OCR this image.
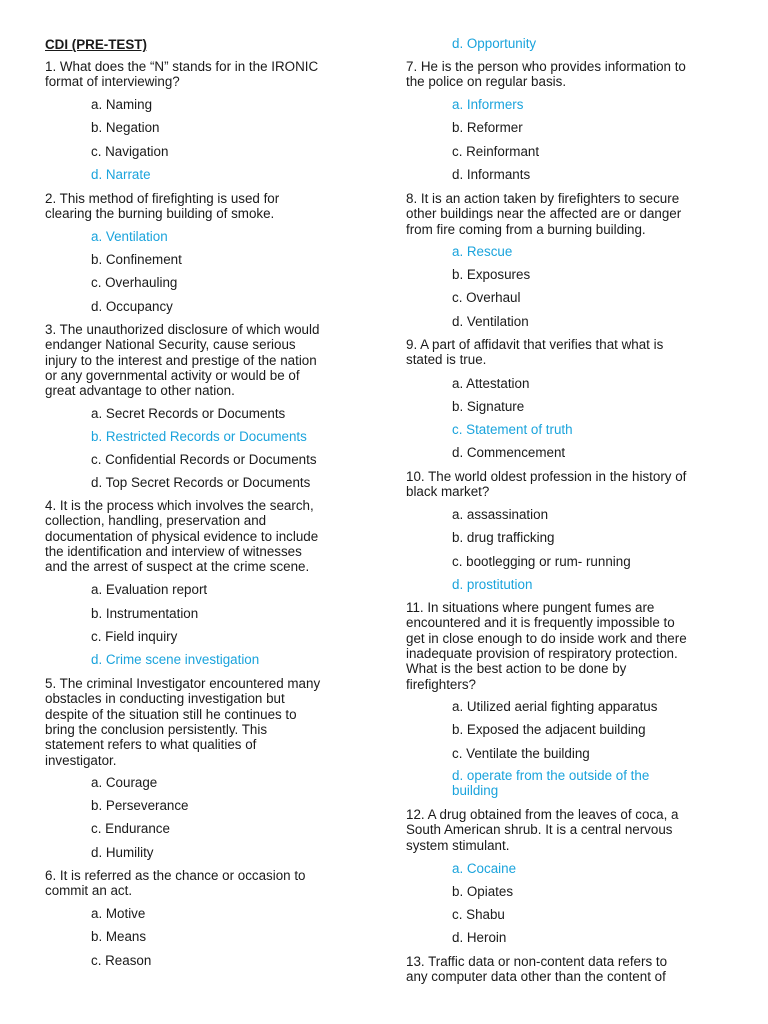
CDI (PRE-TEST)
1. What does the “N” stands for in the IRONIC
format of interviewing?
a. Naming
b. Negation
c. Navigation
d. Narrate
2. This method of firefighting is used for
clearing the burning building of smoke.
a. Ventilation
b. Confinement
c. Overhauling
d. Occupancy
3. The unauthorized disclosure of which would
endanger National Security, cause serious
injury to the interest and prestige of the nation
or any governmental activity or would be of
great advantage to other nation.
a. Secret Records or Documents
b. Restricted Records or Documents
c. Confidential Records or Documents
d. Top Secret Records or Documents
4. It is the process which involves the search,
collection, handling, preservation and
documentation of physical evidence to include
the identification and interview of witnesses
and the arrest of suspect at the crime scene.
a. Evaluation report
b. Instrumentation
c. Field inquiry
d. Crime scene investigation
5. The criminal Investigator encountered many
obstacles in conducting investigation but
despite of the situation still he continues to
bring the conclusion persistently. This
statement refers to what qualities of
investigator.
a. Courage
b. Perseverance
c. Endurance
d. Humility
6. It is referred as the chance or occasion to
commit an act.
a. Motive
b. Means
c. Reason
d. Opportunity
7. He is the person who provides information to
the police on regular basis.
a. Informers
b. Reformer
c. Reinformant
d. Informants
8. It is an action taken by firefighters to secure
other buildings near the affected are or danger
from fire coming from a burning building.
a. Rescue
b. Exposures
c. Overhaul
d. Ventilation
9. A part of affidavit that verifies that what is
stated is true.
a. Attestation
b. Signature
c. Statement of truth
d. Commencement
10. The world oldest profession in the history of
black market?
a. assassination
b. drug trafficking
c. bootlegging or rum- running
d. prostitution
11. In situations where pungent fumes are
encountered and it is frequently impossible to
get in close enough to do inside work and there
inadequate provision of respiratory protection.
What is the best action to be done by
firefighters?
a. Utilized aerial fighting apparatus
b. Exposed the adjacent building
c. Ventilate the building
d. operate from the outside of the
building
12. A drug obtained from the leaves of coca, a
South American shrub. It is a central nervous
system stimulant.
a. Cocaine
b. Opiates
c. Shabu
d. Heroin
13. Traffic data or non-content data refers to
any computer data other than the content of
